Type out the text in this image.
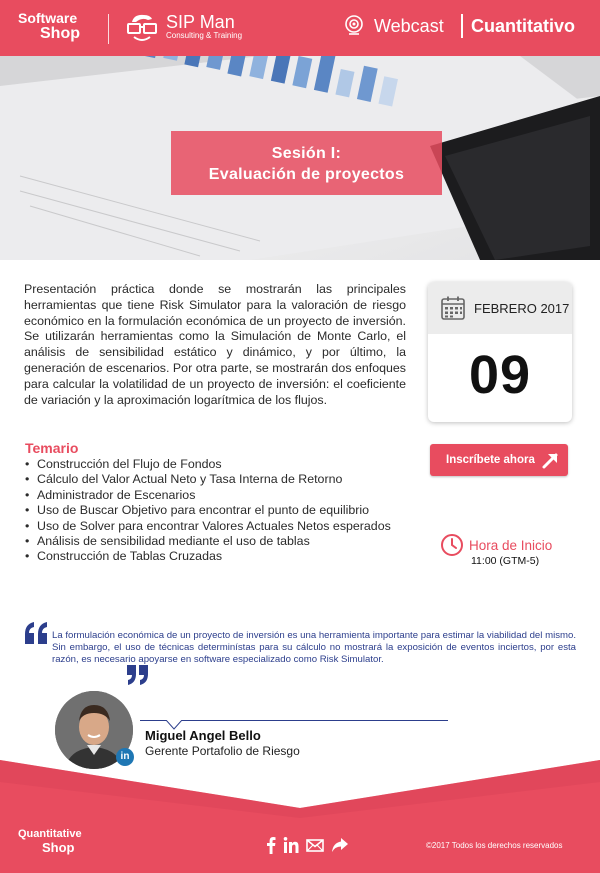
Software
Shop
SIP Man
Consulting & Training	Webcast Cuantitativo
Sesión I:
Evaluación de proyectos

Presentación práctica donde se mostrarán las principales herramientas que tiene Risk Simulator para la valoración de riesgo económico en la formulación económica de un proyecto de inversión. Se utilizarán herramientas como la Simulación de Monte Carlo, el análisis de sensibilidad estático y dinámico, y por último, la generación de escenarios. Por otra parte, se mostrarán dos enfoques para calcular la volatilidad de un proyecto de inversión: el coeficiente de variación y la aproximación logarítmica de los flujos.

FEBRERO 2017
09
Temario
• Construcción del Flujo de Fondos
• Cálculo del Valor Actual Neto y Tasa Interna de Retorno
• Administrador de Escenarios
• Uso de Buscar Objetivo para encontrar el punto de equilibrio
• Uso de Solver para encontrar Valores Actuales Netos esperados
• Análisis de sensibilidad mediante el uso de tablas
• Construcción de Tablas Cruzadas
Inscríbete ahora
Hora de Inicio
11:00 (GTM-5)

La formulación económica de un proyecto de inversión es una herramienta importante para estimar la viabilidad del mismo. Sin embargo, el uso de técnicas determinístas para su cálculo no mostrará la exposición de eventos inciertos, por esta razón, es necesario apoyarse en software especializado como Risk Simulator.

in
Miguel Angel Bello
Gerente Portafolio de Riesgo
Quantitative
Shop	©2017 Todos los derechos reservados
